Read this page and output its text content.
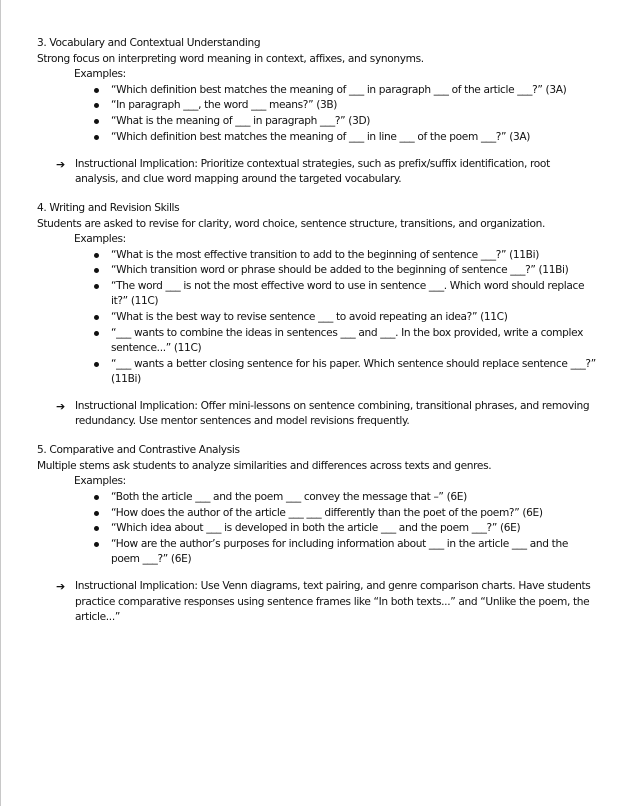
3. Vocabulary and Contextual Understanding

Strong focus on interpreting word meaning in context, affixes, and synonyms.

Examples:

“Which definition best matches the meaning of ___ in paragraph ___ of the article ___?” (3A)
“In paragraph ___, the word ___ means?” (3B)
“What is the meaning of ___ in paragraph ___?” (3D)
“Which definition best matches the meaning of ___ in line ___ of the poem ___?” (3A)
➔ Instructional Implication: Prioritize contextual strategies, such as prefix/suffix identification, root analysis, and clue word mapping around the targeted vocabulary.

4. Writing and Revision Skills

Students are asked to revise for clarity, word choice, sentence structure, transitions, and organization.

Examples:

“What is the most effective transition to add to the beginning of sentence ___?” (11Bi)
“Which transition word or phrase should be added to the beginning of sentence ___?” (11Bi)
“The word ___ is not the most effective word to use in sentence ___. Which word should replace it?” (11C)
“What is the best way to revise sentence ___ to avoid repeating an idea?” (11C)
“___ wants to combine the ideas in sentences ___ and ___. In the box provided, write a complex sentence...” (11C)
“___ wants a better closing sentence for his paper. Which sentence should replace sentence ___?” (11Bi)
➔ Instructional Implication: Offer mini-lessons on sentence combining, transitional phrases, and removing redundancy. Use mentor sentences and model revisions frequently.

5. Comparative and Contrastive Analysis

Multiple stems ask students to analyze similarities and differences across texts and genres.

Examples:

“Both the article ___ and the poem ___ convey the message that –” (6E)
“How does the author of the article ___ ___ differently than the poet of the poem?” (6E)
“Which idea about ___ is developed in both the article ___ and the poem ___?” (6E)
“How are the author’s purposes for including information about ___ in the article ___ and the poem ___?” (6E)
➔ Instructional Implication: Use Venn diagrams, text pairing, and genre comparison charts. Have students practice comparative responses using sentence frames like “In both texts...” and “Unlike the poem, the article...”
